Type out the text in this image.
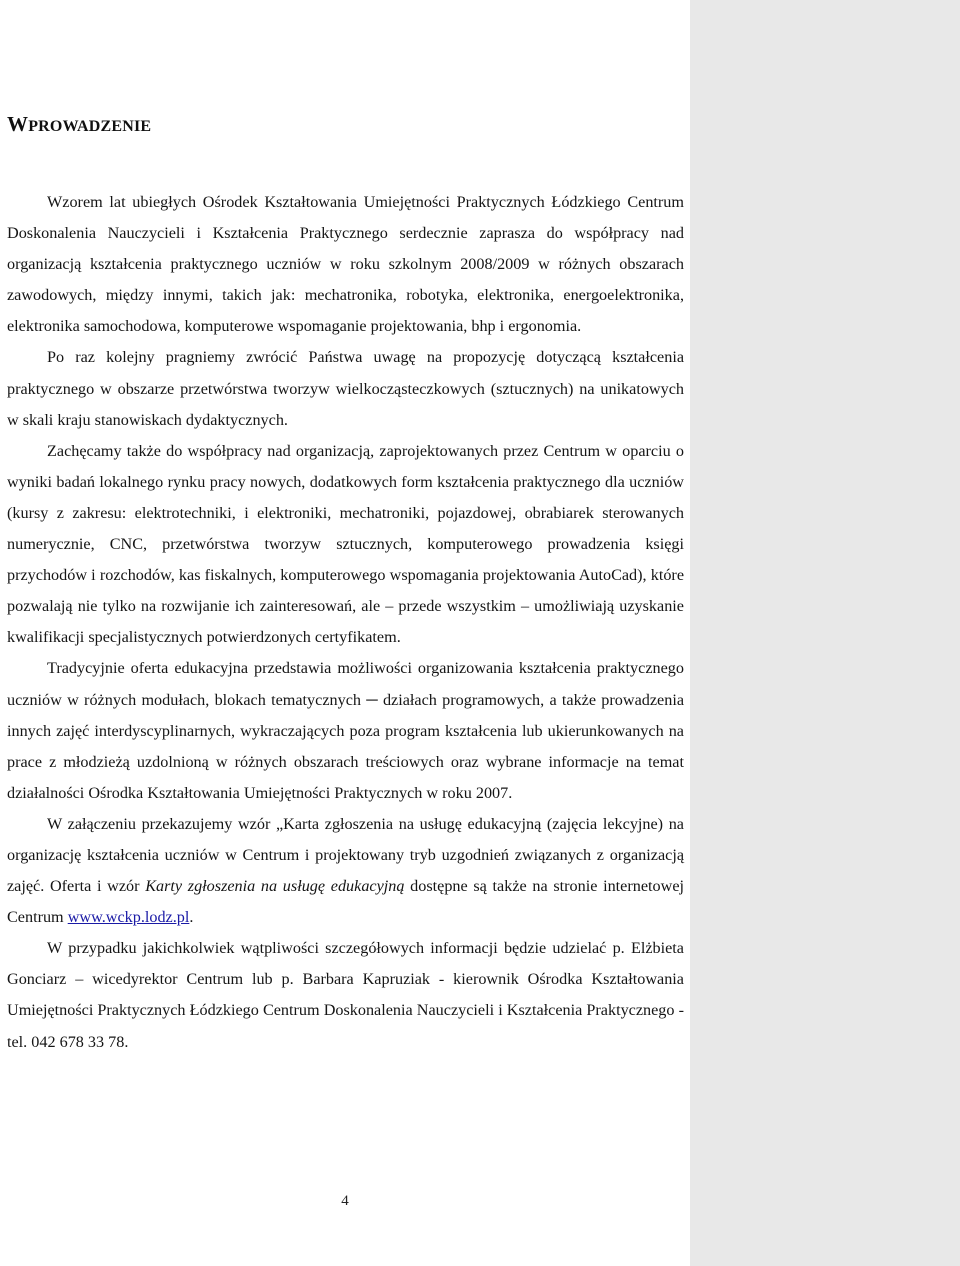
WPROWADZENIE

Wzorem lat ubiegłych Ośrodek Kształtowania Umiejętności Praktycznych Łódzkiego Centrum Doskonalenia Nauczycieli i Kształcenia Praktycznego serdecznie zaprasza do współpracy nad organizacją kształcenia praktycznego uczniów w roku szkolnym 2008/2009 w różnych obszarach zawodowych, między innymi, takich jak: mechatronika, robotyka, elektronika, energoelektronika, elektronika samochodowa, komputerowe wspomaganie projektowania, bhp i ergonomia.

Po raz kolejny pragniemy zwrócić Państwa uwagę na propozycję dotyczącą kształcenia praktycznego w obszarze przetwórstwa tworzyw wielkocząsteczkowych (sztucznych) na unikatowych w skali kraju stanowiskach dydaktycznych.

Zachęcamy także do współpracy nad organizacją, zaprojektowanych przez Centrum w oparciu o wyniki badań lokalnego rynku pracy nowych, dodatkowych form kształcenia praktycznego dla uczniów (kursy z zakresu: elektrotechniki, i elektroniki, mechatroniki, pojazdowej, obrabiarek sterowanych numerycznie, CNC, przetwórstwa tworzyw sztucznych, komputerowego prowadzenia księgi przychodów i rozchodów, kas fiskalnych, komputerowego wspomagania projektowania AutoCad), które pozwalają nie tylko na rozwijanie ich zainteresowań, ale – przede wszystkim – umożliwiają uzyskanie kwalifikacji specjalistycznych potwierdzonych certyfikatem.

Tradycyjnie oferta edukacyjna przedstawia możliwości organizowania kształcenia praktycznego uczniów w różnych modułach, blokach tematycznych ─ działach programowych, a także prowadzenia innych zajęć interdyscyplinarnych, wykraczających poza program kształcenia lub ukierunkowanych na prace z młodzieżą uzdolnioną w różnych obszarach treściowych oraz wybrane informacje na temat działalności Ośrodka Kształtowania Umiejętności Praktycznych w roku 2007.

W załączeniu przekazujemy wzór „Karta zgłoszenia na usługę edukacyjną (zajęcia lekcyjne) na organizację kształcenia uczniów w Centrum i projektowany tryb uzgodnień związanych z organizacją zajęć. Oferta i wzór Karty zgłoszenia na usługę edukacyjną dostępne są także na stronie internetowej Centrum www.wckp.lodz.pl.

W przypadku jakichkolwiek wątpliwości szczegółowych informacji będzie udzielać p. Elżbieta Gonciarz – wicedyrektor Centrum lub p. Barbara Kapruziak - kierownik Ośrodka Kształtowania Umiejętności Praktycznych Łódzkiego Centrum Doskonalenia Nauczycieli i Kształcenia Praktycznego - tel. 042 678 33 78.

4
